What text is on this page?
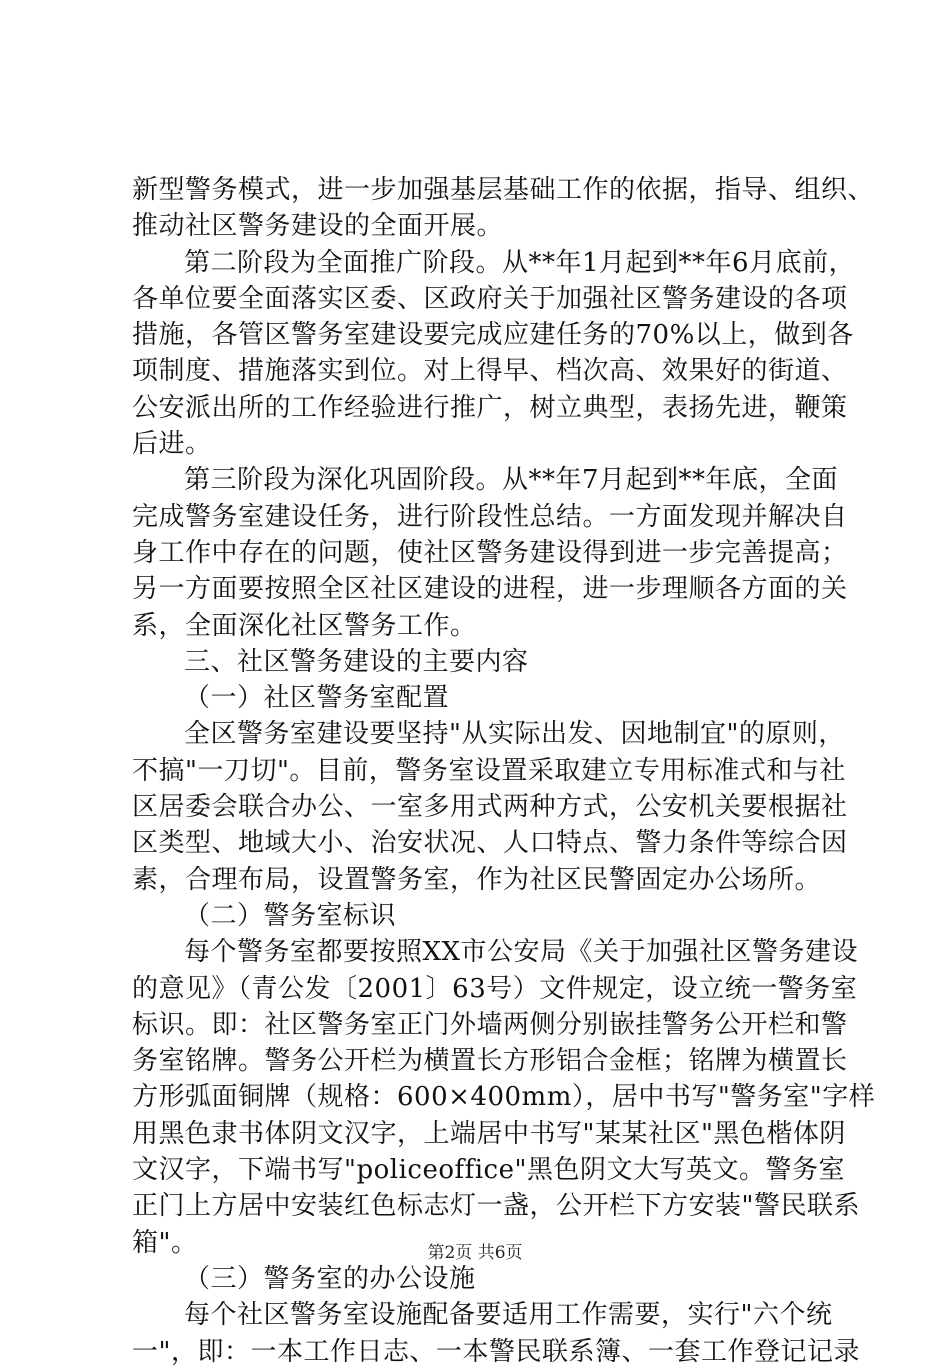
新型警务模式，进一步加强基层基础工作的依据，指导、组织、
推动社区警务建设的全面开展。
第二阶段为全面推广阶段。从**年1月起到**年6月底前，
各单位要全面落实区委、区政府关于加强社区警务建设的各项
措施，各管区警务室建设要完成应建任务的70%以上，做到各
项制度、措施落实到位。对上得早、档次高、效果好的街道、
公安派出所的工作经验进行推广，树立典型，表扬先进，鞭策
后进。
第三阶段为深化巩固阶段。从**年7月起到**年底，全面
完成警务室建设任务，进行阶段性总结。一方面发现并解决自
身工作中存在的问题，使社区警务建设得到进一步完善提高；
另一方面要按照全区社区建设的进程，进一步理顺各方面的关
系，全面深化社区警务工作。
三、社区警务建设的主要内容
（一）社区警务室配置
全区警务室建设要坚持"从实际出发、因地制宜"的原则，
不搞"一刀切"。目前，警务室设置采取建立专用标准式和与社
区居委会联合办公、一室多用式两种方式，公安机关要根据社
区类型、地域大小、治安状况、人口特点、警力条件等综合因
素，合理布局，设置警务室，作为社区民警固定办公场所。
（二）警务室标识
每个警务室都要按照XX市公安局《关于加强社区警务建设
的意见》（青公发〔2001〕63号）文件规定，设立统一警务室
标识。即：社区警务室正门外墙两侧分别嵌挂警务公开栏和警
务室铭牌。警务公开栏为横置长方形铝合金框；铭牌为横置长
方形弧面铜牌（规格：600×400mm），居中书写"警务室"字样
用黑色隶书体阴文汉字，上端居中书写"某某社区"黑色楷体阴
文汉字，下端书写"policeoffice"黑色阴文大写英文。警务室
正门上方居中安装红色标志灯一盏，公开栏下方安装"警民联系
箱"。
（三）警务室的办公设施
每个社区警务室设施配备要适用工作需要，实行"六个统
一"，即：一本工作日志、一本警民联系簿、一套工作登记记录
第2页 共6页
